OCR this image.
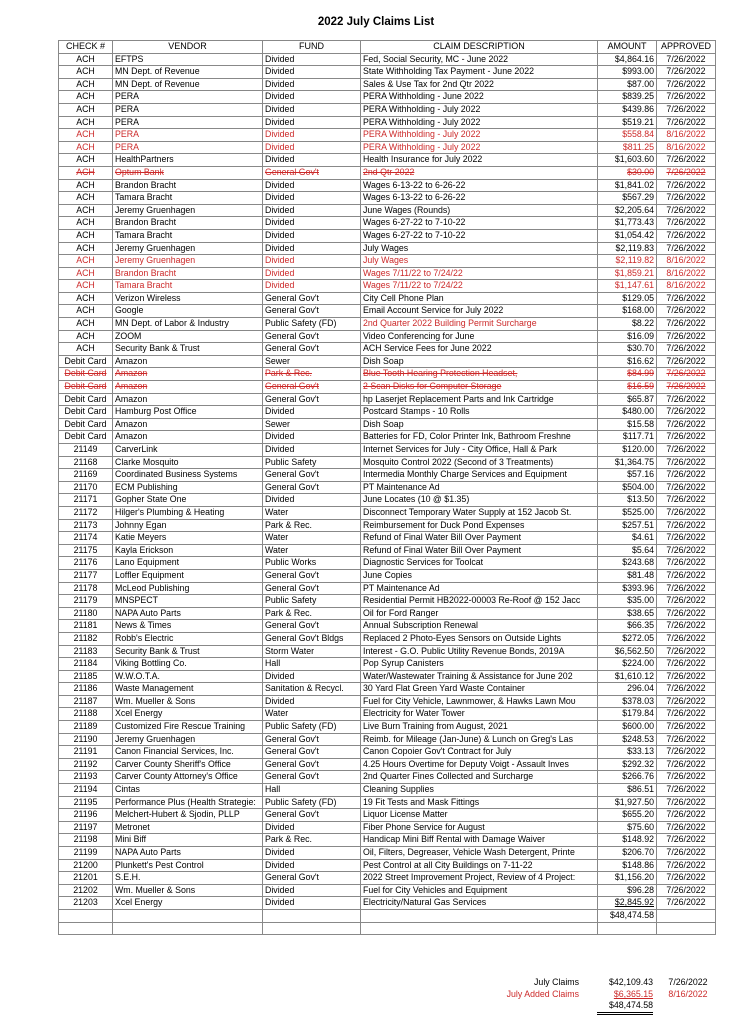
2022 July Claims List
CHECK #	VENDOR	FUND	CLAIM DESCRIPTION	AMOUNT	APPROVED
ACH	EFTPS	Divided	Fed, Social Security, MC - June 2022	$4,864.16	7/26/2022
ACH	MN Dept. of Revenue	Divided	State Withholding Tax Payment - June 2022	$993.00	7/26/2022
ACH	MN Dept. of Revenue	Divided	Sales & Use Tax for 2nd Qtr 2022	$87.00	7/26/2022
ACH	PERA	Divided	PERA Withholding - June 2022	$839.25	7/26/2022
ACH	PERA	Divided	PERA Withholding - July 2022	$439.86	7/26/2022
ACH	PERA	Divided	PERA Withholding - July 2022	$519.21	7/26/2022
ACH	PERA	Divided	PERA Withholding - July 2022	$558.84	8/16/2022
ACH	PERA	Divided	PERA Withholding - July 2022	$811.25	8/16/2022
ACH	HealthPartners	Divided	Health Insurance for July 2022	$1,603.60	7/26/2022
ACH	Optum Bank	General Gov't	2nd Qtr 2022	$30.00	7/26/2022
ACH	Brandon Bracht	Divided	Wages 6-13-22 to 6-26-22	$1,841.02	7/26/2022
ACH	Tamara Bracht	Divided	Wages 6-13-22 to 6-26-22	$567.29	7/26/2022
ACH	Jeremy Gruenhagen	Divided	June Wages (Rounds)	$2,205.64	7/26/2022
ACH	Brandon Bracht	Divided	Wages 6-27-22 to 7-10-22	$1,773.43	7/26/2022
ACH	Tamara Bracht	Divided	Wages 6-27-22 to 7-10-22	$1,054.42	7/26/2022
ACH	Jeremy Gruenhagen	Divided	July Wages	$2,119.83	7/26/2022
ACH	Jeremy Gruenhagen	Divided	July Wages	$2,119.82	8/16/2022
ACH	Brandon Bracht	Divided	Wages 7/11/22 to 7/24/22	$1,859.21	8/16/2022
ACH	Tamara Bracht	Divided	Wages 7/11/22 to 7/24/22	$1,147.61	8/16/2022
ACH	Verizon Wireless	General Gov't	City Cell Phone Plan	$129.05	7/26/2022
ACH	Google	General Gov't	Email Account Service for July 2022	$168.00	7/26/2022
ACH	MN Dept. of Labor & Industry	Public Safety (FD)	2nd Quarter 2022 Building Permit Surcharge	$8.22	7/26/2022
ACH	ZOOM	General Gov't	Video Conferencing for June	$16.09	7/26/2022
ACH	Security Bank & Trust	General Gov't	ACH Service Fees for June 2022	$30.70	7/26/2022
Debit Card	Amazon	Sewer	Dish Soap	$16.62	7/26/2022
Debit Card	Amazon	Park & Rec.	Blue Tooth Hearing Protection Headset,	$84.99	7/26/2022
Debit Card	Amazon	General Gov't	2 Scan Disks for Computer Storage	$16.59	7/26/2022
Debit Card	Amazon	General Gov't	hp Laserjet Replacement Parts and Ink Cartridge	$65.87	7/26/2022
Debit Card	Hamburg Post Office	Divided	Postcard Stamps - 10 Rolls	$480.00	7/26/2022
Debit Card	Amazon	Sewer	Dish Soap	$15.58	7/26/2022
Debit Card	Amazon	Divided	Batteries for FD, Color Printer Ink, Bathroom Freshne	$117.71	7/26/2022
21149	CarverLink	Divided	Internet Services for July - City Office, Hall & Park	$120.00	7/26/2022
21168	Clarke Mosquito	Public Safety	Mosquito Control 2022 (Second of 3 Treatments)	$1,364.75	7/26/2022
21169	Coordinated Business Systems	General Gov't	Intermedia Monthly Charge Services and Equipment	$57.16	7/26/2022
21170	ECM Publishing	General Gov't	PT Maintenance Ad	$504.00	7/26/2022
21171	Gopher State One	Divided	June Locates (10 @ $1.35)	$13.50	7/26/2022
21172	Hilger's Plumbing & Heating	Water	Disconnect Temporary Water Supply at 152 Jacob St.	$525.00	7/26/2022
21173	Johnny Egan	Park & Rec.	Reimbursement for Duck Pond Expenses	$257.51	7/26/2022
21174	Katie Meyers	Water	Refund of Final Water Bill Over Payment	$4.61	7/26/2022
21175	Kayla Erickson	Water	Refund of Final Water Bill Over Payment	$5.64	7/26/2022
21176	Lano Equipment	Public Works	Diagnostic Services for Toolcat	$243.68	7/26/2022
21177	Loffler Equipment	General Gov't	June Copies	$81.48	7/26/2022
21178	McLeod Publishing	General Gov't	PT Maintenance Ad	$393.96	7/26/2022
21179	MNSPECT	Public Safety	Residential Permit HB2022-00003 Re-Roof @ 152 Jacc	$35.00	7/26/2022
21180	NAPA Auto Parts	Park & Rec.	Oil for Ford Ranger	$38.65	7/26/2022
21181	News & Times	General Gov't	Annual Subscription Renewal	$66.35	7/26/2022
21182	Robb's Electric	General Gov't Bldgs	Replaced 2 Photo-Eyes Sensors on Outside Lights	$272.05	7/26/2022
21183	Security Bank & Trust	Storm Water	Interest - G.O. Public Utility Revenue Bonds, 2019A	$6,562.50	7/26/2022
21184	Viking Bottling Co.	Hall	Pop Syrup Canisters	$224.00	7/26/2022
21185	W.W.O.T.A.	Divided	Water/Wastewater Training & Assistance for June 202	$1,610.12	7/26/2022
21186	Waste Management	Sanitation & Recycl.	30 Yard Flat Green Yard Waste Container	296.04	7/26/2022
21187	Wm. Mueller & Sons	Divided	Fuel for City Vehicle, Lawnmower, & Hawks Lawn Moᴜ	$378.03	7/26/2022
21188	Xcel Energy	Water	Electricity for Water Tower	$179.84	7/26/2022
21189	Customized Fire Rescue Training	Public Safety (FD)	Live Burn Training from August, 2021	$600.00	7/26/2022
21190	Jeremy Gruenhagen	General Gov't	Reimb. for Mileage (Jan-June) & Lunch on Greg's Las	$248.53	7/26/2022
21191	Canon Financial Services, Inc.	General Gov't	Canon Copoier Gov't Contract for July	$33.13	7/26/2022
21192	Carver County Sheriff's Office	General Gov't	4.25 Hours Overtime for Deputy Voigt - Assault Inves	$292.32	7/26/2022
21193	Carver County Attorney's Office	General Gov't	2nd Quarter Fines Collected and Surcharge	$266.76	7/26/2022
21194	Cintas	Hall	Cleaning Supplies	$86.51	7/26/2022
21195	Performance Plus (Health Strategie:	Public Safety (FD)	19 Fit Tests and Mask Fittings	$1,927.50	7/26/2022
21196	Melchert-Hubert & Sjodin, PLLP	General Gov't	Liquor License Matter	$655.20	7/26/2022
21197	Metronet	Divided	Fiber Phone Service for August	$75.60	7/26/2022
21198	Mini Biff	Park & Rec.	Handicap Mini Biff Rental with Damage Waiver	$148.92	7/26/2022
21199	NAPA Auto Parts	Divided	Oil, Filters, Degreaser, Vehicle Wash Detergent, Printe	$206.70	7/26/2022
21200	Plunkett's Pest Control	Divided	Pest Control at all City Buildings on 7-11-22	$148.86	7/26/2022
21201	S.E.H.	General Gov't	2022 Street Improvement Project, Review of 4 Project:	$1,156.20	7/26/2022
21202	Wm. Mueller & Sons	Divided	Fuel for City Vehicles and Equipment	$96.28	7/26/2022
21203	Xcel Energy	Divided	Electricity/Natural Gas Services	$2,845.92	7/26/2022
				$48,474.58	

July Claims	$42,109.43	7/26/2022
July Added Claims	$6,365.15	8/16/2022
$48,474.58
